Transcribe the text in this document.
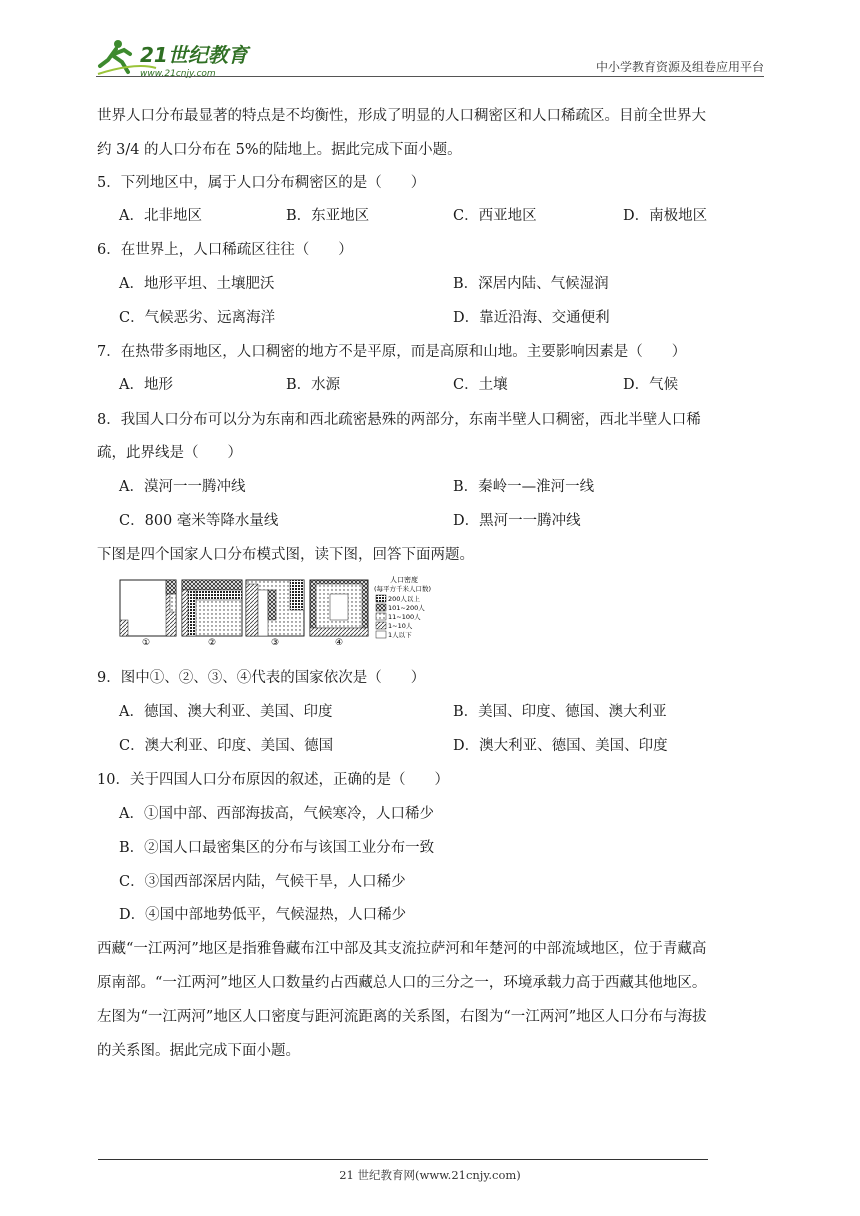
21世纪教育
www.21cnjy.com	中小学教育资源及组卷应用平台
世界人口分布最显著的特点是不均衡性，形成了明显的人口稠密区和人口稀疏区。目前全世界大
约 3/4 的人口分布在 5%的陆地上。据此完成下面小题。
5．下列地区中，属于人口分布稠密区的是（　　）
A．北非地区	B．东亚地区	C．西亚地区	D．南极地区
6．在世界上，人口稀疏区往往（　　）
A．地形平坦、土壤肥沃	B．深居内陆、气候湿润
C．气候恶劣、远离海洋	D．靠近沿海、交通便利
7．在热带多雨地区，人口稠密的地方不是平原，而是高原和山地。主要影响因素是（　　）
A．地形	B．水源	C．土壤	D．气候
8．我国人口分布可以分为东南和西北疏密悬殊的两部分，东南半壁人口稠密，西北半壁人口稀
疏，此界线是（　　）
A．漠河一一腾冲线	B．秦岭一—淮河一线
C．800 毫米等降水量线	D．黑河一一腾冲线
下图是四个国家人口分布模式图，读下图，回答下面两题。
9．图中①、②、③、④代表的国家依次是（　　）
A．德国、澳大利亚、美国、印度	B．美国、印度、德国、澳大利亚
C．澳大利亚、印度、美国、德国	D．澳大利亚、德国、美国、印度
10．关于四国人口分布原因的叙述，正确的是（　　）
A．①国中部、西部海拔高，气候寒冷，人口稀少
B．②国人口最密集区的分布与该国工业分布一致
C．③国西部深居内陆，气候干旱，人口稀少
D．④国中部地势低平，气候湿热，人口稀少
西藏“一江两河”地区是指雅鲁藏布江中部及其支流拉萨河和年楚河的中部流域地区，位于青藏高
原南部。“一江两河”地区人口数量约占西藏总人口的三分之一，环境承载力高于西藏其他地区。
左图为“一江两河”地区人口密度与距河流距离的关系图，右图为“一江两河”地区人口分布与海拔
的关系图。据此完成下面小题。
①	②	③	④
人口密度
(每平方千米人口数)
200人以上
101~200人
11~100人
1~10人
1人以下
21 世纪教育网(www.21cnjy.com)
